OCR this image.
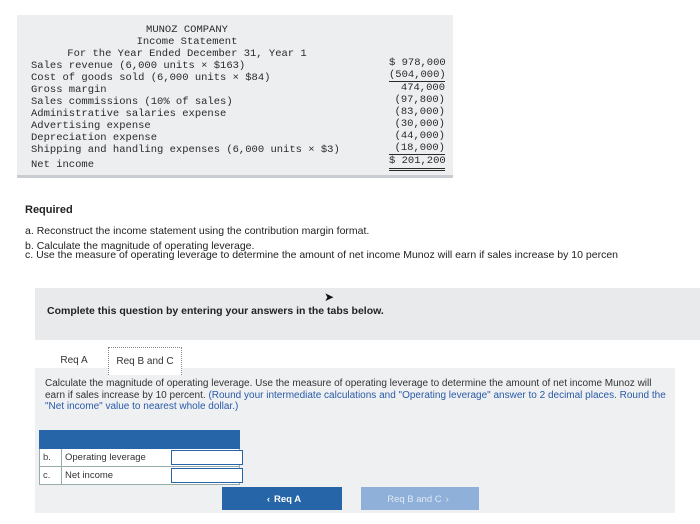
MUNOZ COMPANY
Income Statement
For the Year Ended December 31, Year 1
Sales revenue (6,000 units × $163)	$ 978,000
Cost of goods sold (6,000 units × $84)	(504,000)
Gross margin	474,000
Sales commissions (10% of sales)	(97,800)
Administrative salaries expense	(83,000)
Advertising expense	(30,000)
Depreciation expense	(44,000)
Shipping and handling expenses (6,000 units × $3)	(18,000)
Net income	$ 201,200
Required
a. Reconstruct the income statement using the contribution margin format.
b. Calculate the magnitude of operating leverage.
c. Use the measure of operating leverage to determine the amount of net income Munoz will earn if sales increase by 10 percen
Complete this question by entering your answers in the tabs below.
➤
Req A
Calculate the magnitude of operating leverage. Use the measure of operating leverage to determine the amount of net income Munoz will earn if sales increase by 10 percent. (Round your intermediate calculations and "Operating leverage" answer to 2 decimal places. Round the "Net income" value to nearest whole dollar.)
b.	Operating leverage
c.	Net income
Req B and C
‹ Req A	Req B and C ›
